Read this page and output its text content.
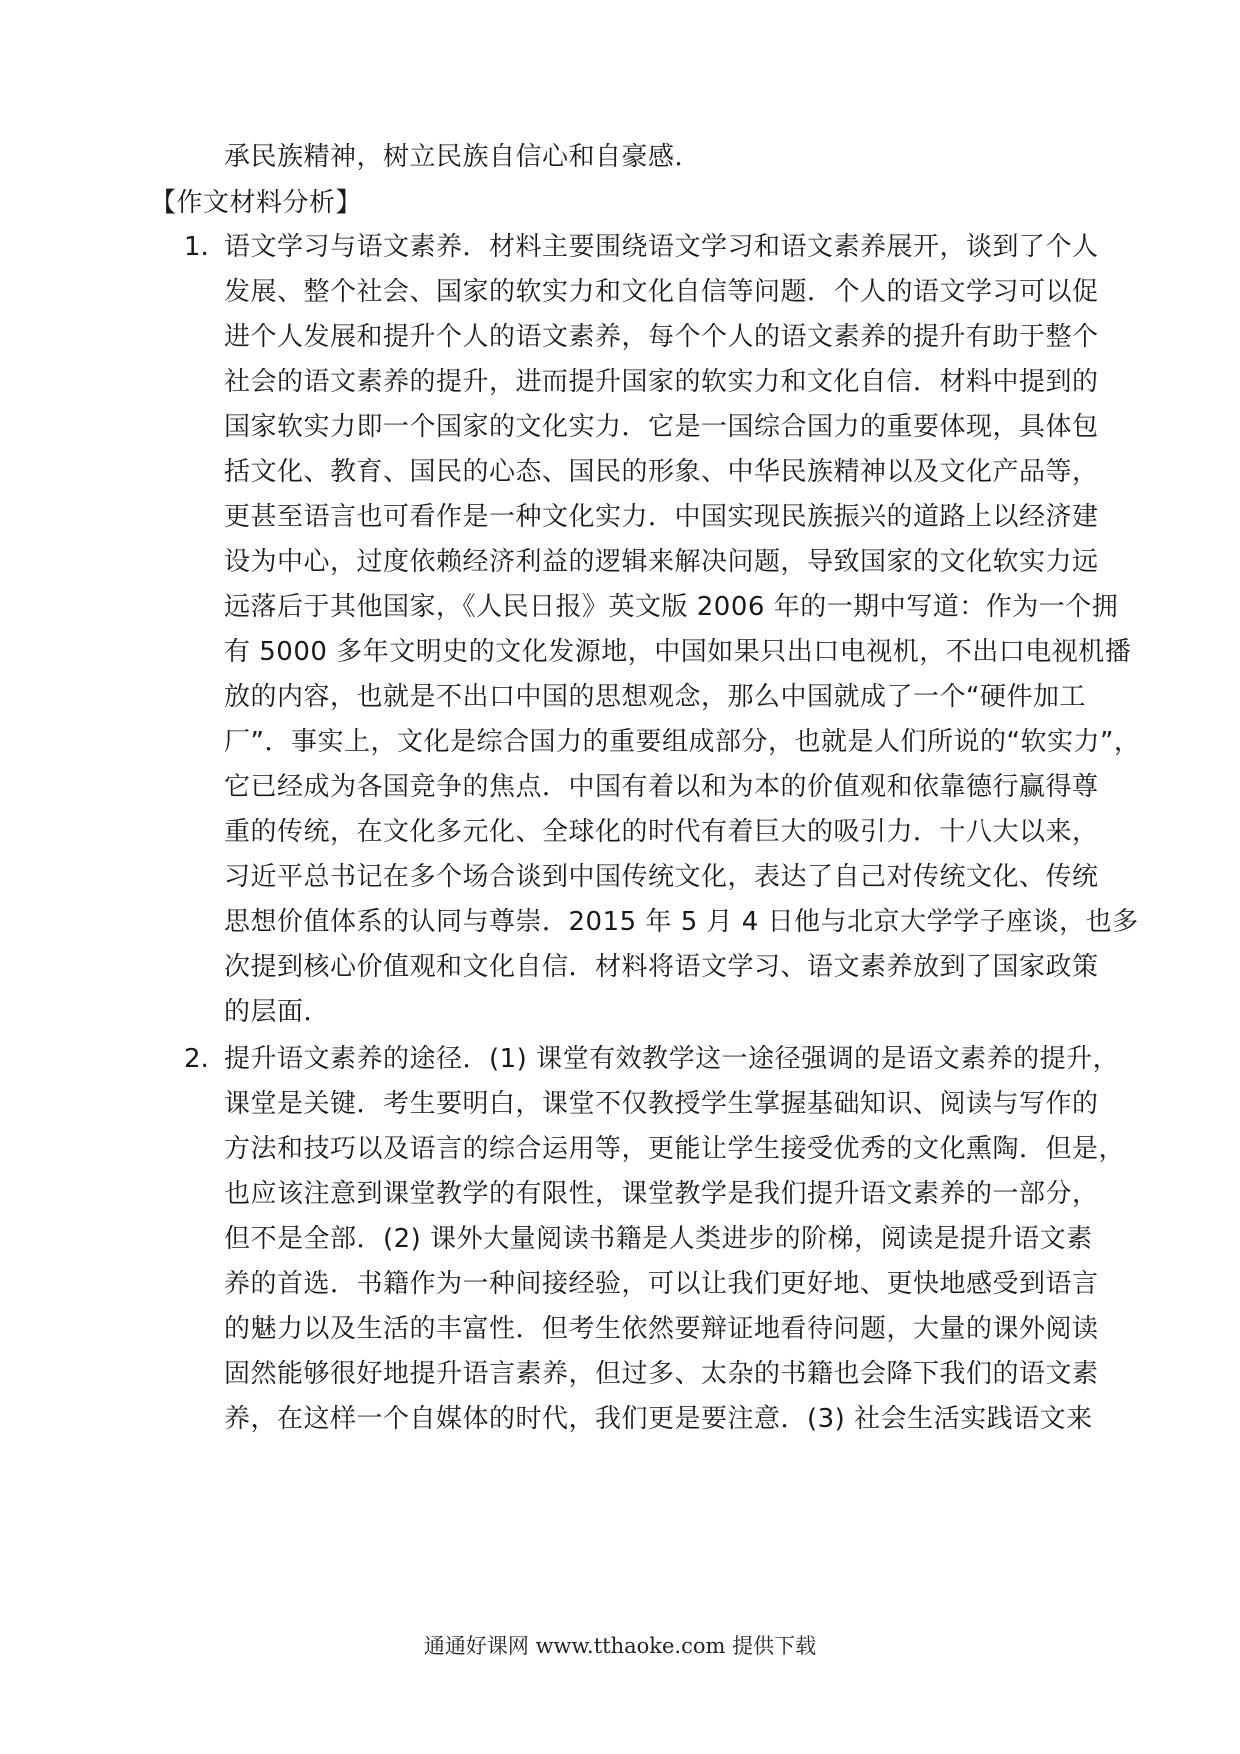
承民族精神，树立民族自信心和自豪感．
【作文材料分析】
1. 语文学习与语文素养．材料主要围绕语文学习和语文素养展开，谈到了个人
发展、整个社会、国家的软实力和文化自信等问题．个人的语文学习可以促
进个人发展和提升个人的语文素养，每个个人的语文素养的提升有助于整个
社会的语文素养的提升，进而提升国家的软实力和文化自信．材料中提到的
国家软实力即一个国家的文化实力．它是一国综合国力的重要体现，具体包
括文化、教育、国民的心态、国民的形象、中华民族精神以及文化产品等，
更甚至语言也可看作是一种文化实力．中国实现民族振兴的道路上以经济建
设为中心，过度依赖经济利益的逻辑来解决问题，导致国家的文化软实力远
远落后于其他国家，《人民日报》英文版 2006 年的一期中写道：作为一个拥
有 5000 多年文明史的文化发源地，中国如果只出口电视机，不出口电视机播
放的内容，也就是不出口中国的思想观念，那么中国就成了一个“硬件加工
厂”．事实上，文化是综合国力的重要组成部分，也就是人们所说的“软实力”，
它已经成为各国竞争的焦点．中国有着以和为本的价值观和依靠德行赢得尊
重的传统，在文化多元化、全球化的时代有着巨大的吸引力．十八大以来，
习近平总书记在多个场合谈到中国传统文化，表达了自己对传统文化、传统
思想价值体系的认同与尊崇．2015 年 5 月 4 日他与北京大学学子座谈，也多
次提到核心价值观和文化自信．材料将语文学习、语文素养放到了国家政策
的层面．
2. 提升语文素养的途径．(1) 课堂有效教学这一途径强调的是语文素养的提升，
课堂是关键．考生要明白，课堂不仅教授学生掌握基础知识、阅读与写作的
方法和技巧以及语言的综合运用等，更能让学生接受优秀的文化熏陶．但是，
也应该注意到课堂教学的有限性，课堂教学是我们提升语文素养的一部分，
但不是全部．(2) 课外大量阅读书籍是人类进步的阶梯，阅读是提升语文素
养的首选．书籍作为一种间接经验，可以让我们更好地、更快地感受到语言
的魅力以及生活的丰富性．但考生依然要辩证地看待问题，大量的课外阅读
固然能够很好地提升语言素养，但过多、太杂的书籍也会降下我们的语文素
养，在这样一个自媒体的时代，我们更是要注意．(3) 社会生活实践语文来
通通好课网 www.tthaoke.com 提供下载
